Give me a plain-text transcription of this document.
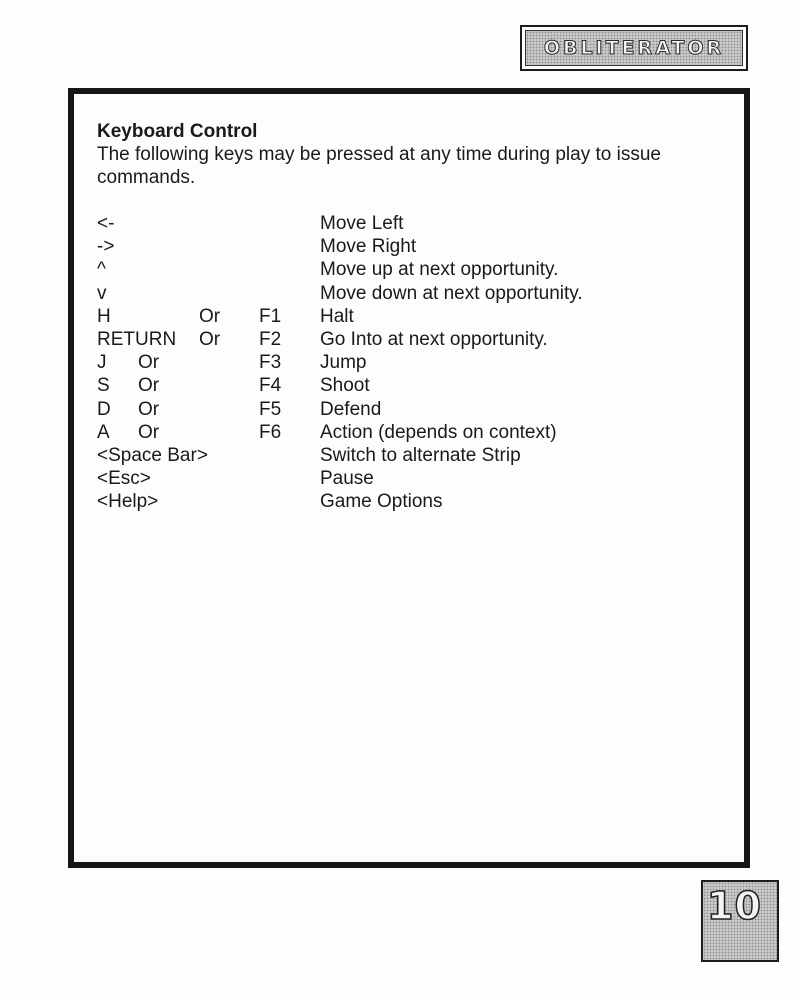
OBLITERATOR

Keyboard Control

The following keys may be pressed at any time during play to issue commands.

<-	Move Left
->	Move Right
^	Move up at next opportunity.
v	Move down at next opportunity.
H	Or F1 Halt
RETURN Or F2 Go Into at next opportunity.
J Or	F3 Jump
S Or	F4 Shoot
D Or	F5 Defend
A Or	F6 Action (depends on context)
<Space Bar>	Switch to alternate Strip
<Esc>	Pause
<Help>	Game Options
10
